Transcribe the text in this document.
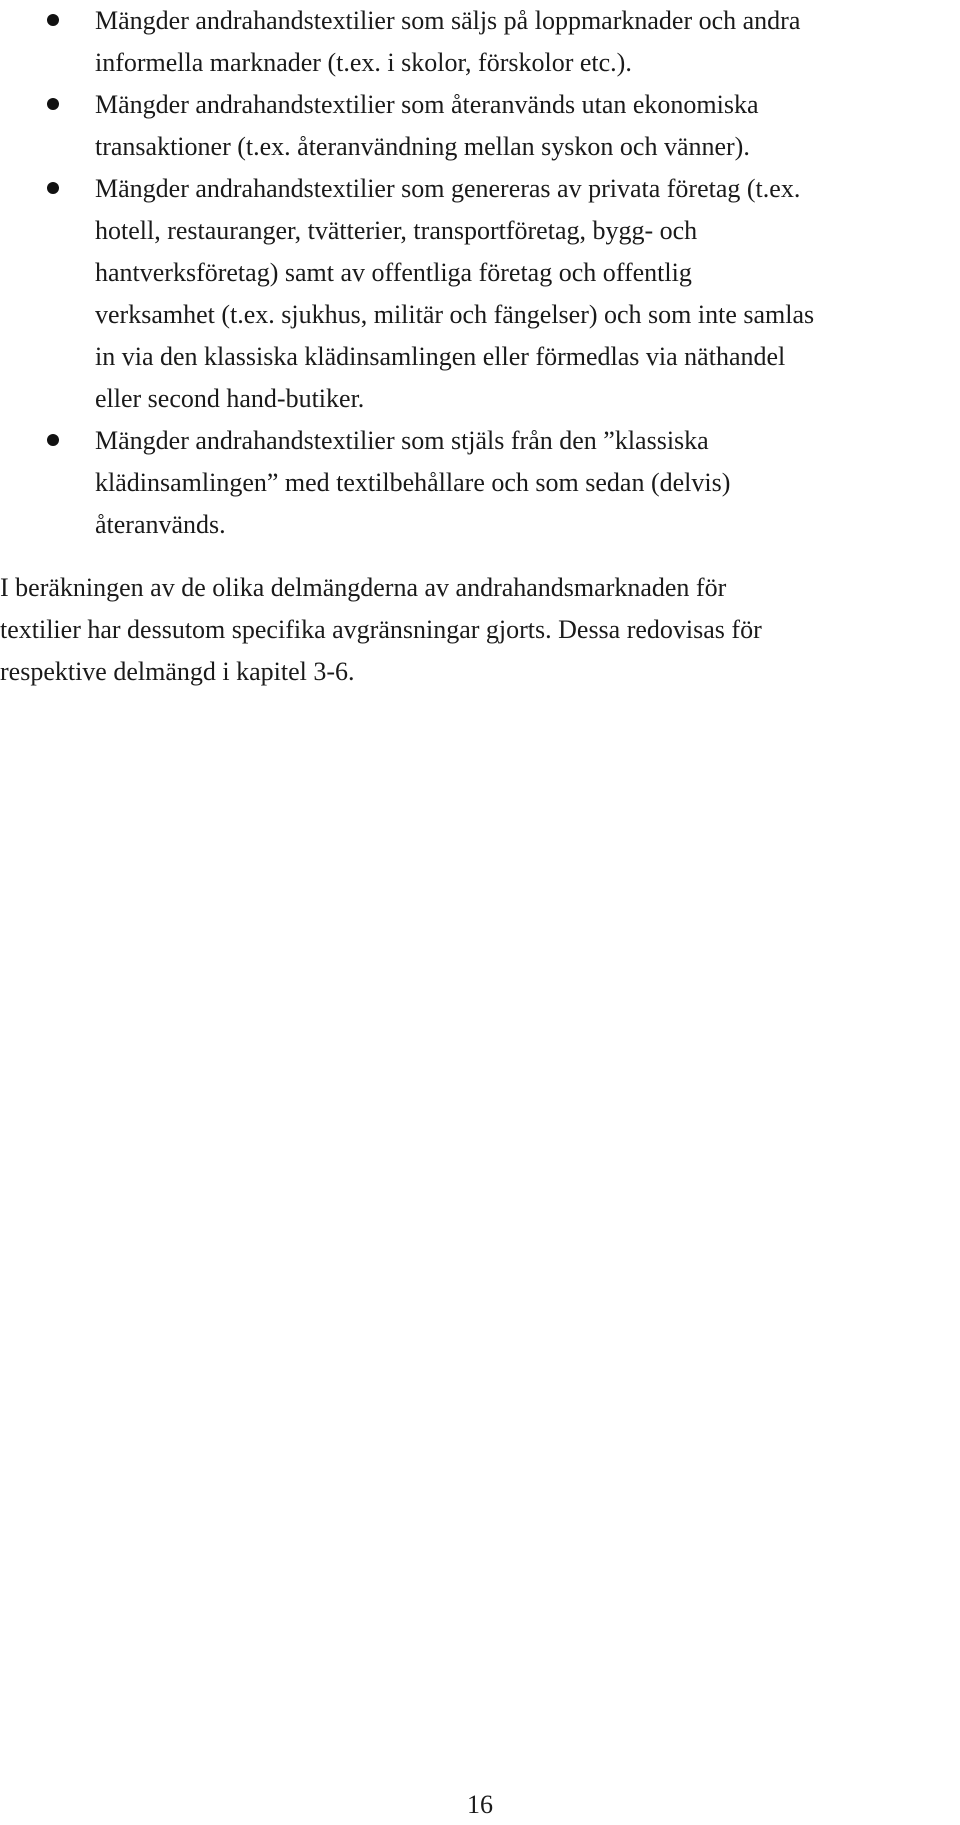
Mängder andrahandstextilier som säljs på loppmarknader och andra
informella marknader (t.ex. i skolor, förskolor etc.).
Mängder andrahandstextilier som återanvänds utan ekonomiska
transaktioner (t.ex. återanvändning mellan syskon och vänner).
Mängder andrahandstextilier som genereras av privata företag (t.ex.
hotell, restauranger, tvätterier, transportföretag, bygg- och
hantverksföretag) samt av offentliga företag och offentlig
verksamhet (t.ex. sjukhus, militär och fängelser) och som inte samlas
in via den klassiska klädinsamlingen eller förmedlas via näthandel
eller second hand-butiker.
Mängder andrahandstextilier som stjäls från den ”klassiska
klädinsamlingen” med textilbehållare och som sedan (delvis)
återanvänds.

I beräkningen av de olika delmängderna av andrahandsmarknaden för
textilier har dessutom specifika avgränsningar gjorts. Dessa redovisas för
respektive delmängd i kapitel 3-6.

16
